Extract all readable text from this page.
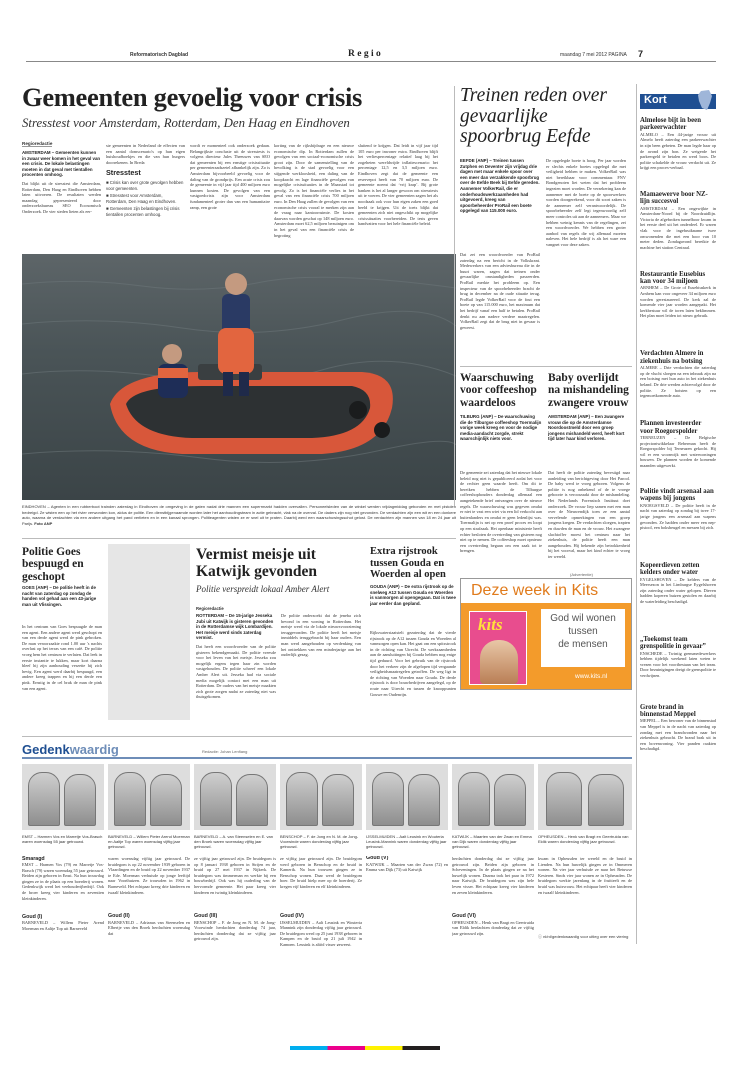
Reformatorisch Dagblad	R e g i o	maandag 7 mei 2012 PAGINA 7
Gemeenten gevoelig voor crisis
Stresstest voor Amsterdam, Rotterdam, Den Haag en Eindhoven
Regioredactie
AMSTERDAM – Gemeenten kunnen in zwaar weer komen in het geval van een crisis. De lokale belastingen moeten in dat geval met tientallen procenten omhoog.
Dat blijkt uit de stresstest die Amsterdam, Rotterdam, Den Haag en Eindhoven hebben laten uitvoeren. De resultaten werden maandag gepresenteerd door onderzoeksbureau SEO Economisch Onderzoek. De vier steden lieten als eer-
ste gemeenten in Nederland de effecten van een aantal domscenario's op hun eigen huishoudboekjes en die van hun burgers doorrekenen. In Breda
Stresstest
■ Crisis kan over grote gevolgen hebben voor gemeenten.
■ Stresstest voor Amsterdam, Rotterdam, Den Haag en Eindhoven.
■ Gemeenten zijn belastingen bij crisis tientallen procenten omhoog.
wordt er momenteel ook onderzoek gedaan. Belangrijkste conclusie uit de stresstests is volgens directeur Jules Theeuwes van SEO dat gemeenten bij een ernstige crisissituatie per gemeenteraadszetel afhankelijk zijn. Zo is Amsterdam bijvoorbeeld gevoelig voor de daling van de grondprijs. Een acute crisis zou de gemeente in vijf jaar tijd 400 miljoen euro kunnen kosten. De gevolgen van een vastgoedcrisis zijn voor Amsterdam fundamenteel groter dan van een humanitaire ramp, een grote
korting van de rijksbijdrage en een nieuwe economische dip. In Rotterdam zullen de gevolgen van een sociaal-economische crisis groot zijn. Door de samenstelling van de bevolking is de stad gevoelig voor een stijgende werkloosheid, een daling van de koopkracht en lage financiële gevolgen van mogelijke crisissituaties in de Maasstad tot gevolg. Zo is het financiële verlies in het geval van een financiële crisis 700 miljoen euro. In Den Haag zullen de gevolgen van een economische crisis vooral te merken zijn aan de vraag naar kantoorruimte. De kosten daarvan worden geschat op 148 miljoen euro. Amsterdam moet 62,5 miljoen bezuinigen om in het geval van een financiële crisis de begroting
sluitend te krijgen. Dat leidt in vijf jaar tijd 105 euro per inwoner extra. Eindhoven blijft het verliespercentage relatief laag bij het zogeheten wereldwijde inflatiescenario: het percentage 12,5 en 3,5 miljoen euro. Eindhoven zegt dat de gemeente een reservepot heeft van 70 miljoen euro. De gemeente noemt dat ‘vrij krap’. Bij grote banken is het al langer gewoon om stresstests uit te voeren. De vier gemeenten zagen het als noodzaak ook voor hun eigen zaken een goed beeld te krijgen. Uit de toets blijkt dat gemeenten zich niet ongeschikt op mogelijke crisissituaties voorbereiden. De tests geven handvatten voor het hele financiële beleid.
Treinen reden over gevaarlijke spoorbrug Eefde
EEFDE (ANP) – Treinen tussen Zutphen en Deventer zijn vrijdag drie dagen met maar enkele spoor over een meer dan verzakkende spoorbrug over de Eefde Beek bij Eefde gereden. Aannemer VolkerRail, die er onderhoudswerkzaamheden had uitgevoerd, kreeg van spoorbeheerder ProRail een boete opgelegd van 115.000 euro.
Dat zei een woordvoerder van ProRail zaterdag na een bericht in de Volkskrant. Medewerkers van een adviesbureau die in de buurt waren, zagen dat treinen onder gevaarlijke omstandigheden passeerden. ProRail merkte het probleem op. Een inspecteur van de spoorbeheerder bracht de brug in december na de oude situatie terug. ProRail legde VolkerRail voor de fout een boete op van 115.000 euro, het maximum dat het bedrijf vanaf een half te betalen. ProRail denkt nu aan nadere verdere maatregelen. VolkerRail zegt dat de brug niet in gevaar is geweest.
De opgelegde boete is hoog. Per jaar worden er slechts enkele boetes opgelegd die met veiligheid hebben te maken. VolkerRail was niet bereikbaar voor commentaar. FNV Bondgenoten liet weten dat het probleem ingezien moet worden. De verzekering kan de aannemer met de boete op de spoorwerkers worden doorgerekend, voor dit soort zaken is de aannemer zelf verantwoordelijk. De spoorbeheerder zelf legt tegenwoordig zelf meer controles uit aan de aannemers. Maar we hebben weinig kennis van de regelingen, zei een woordvoerder. We hebben een groter aanbod van regels die wij allemaal moeten naleven. Het hele bedrijf is als het ware een vangnet voor deze zaken.
EINDHOVEN – Agenten in een rubberboot trainden zaterdag in Eindhoven de omgeving in de gaten nadat drie mannen een superrmarkt hadden overvallen. Personeelsleden van de winkel werden vrijdagmiddag gebonden en met pistolen bedreigd. Ze wisten een op het rivier verwonden kon, aldus de politie. Een dienstbijgenaamde worden later het aanhoudingsteam in actie gebracht, vlak na de overval. De daders zijn nog niet gevonden. De verdachten zijn een wit en een donkere auto, waarna de verdachten via een andere uitgang het pand verlieten en in een kanaal sprongen. Politieagenten wisten ze er snel uit te praten. Daarbij werd een waarschuwingsschot gelost. De verdachten zijn mannen van 18 en 24 jaar uit Parijs. Foto ANP
Waarschuwing voor coffeeshop waardeloos
TILBURG (ANP) – De waarschuwing die de Tilburgse coffeeshop Toermalijn vorige week kreeg en voor de nodige media-aandacht zorgde, strekt waarschijnlijk niets voor.
De gemeente zei zaterdag dat het nieuwe lokale beleid nog niet is gepubliceerd zodat het voor de rechter geen waarde heeft. Om dit te bereiken hebben de Tilburgse coffeeshophouders donderdag allemaal een aangetekende brief ontvangen over de nieuwe regels. De waarschuwing was gegeven omdat er niet te vast een wiet via een lid verkocht aan buitenlanders en omdat er geen ledenlijst was. Toermalijn is net op een proef proces en loopt op een strafzaak. Het openbaar ministerie heeft echter besloten de overtreding van gisteren nog niet op te nemen. De coffeeshop moet opnieuw een overtreding begaan om een zaak tot te brengen.
Baby overlijdt na mishandeling zwangere vrouw
AMSTERDAM (ANP) – Een zwangere vrouw die op de Amsterdamse Noordoostmeld door een groep jongens mishandeld werd, heeft kort tijd later haar kind verloren.
Dat heeft de politie zaterdag bevestigd naar aanleiding van berichtgeving door Het Parool. De baby werd te vroeg geboren. Volgens de politie is nog onbekend of de te vroege geboorte is veroorzaakt door de mishandeling. Het Nederlands Forensisch Instituut doet onderzoek. De vrouw liep samen met een man over de Nieuwendijk toen ze een aantal vervelende opmerkingen van een groep jongens kregen. De verdachten sloegen, trapten en duwden de man en de vrouw. Het zwangere slachtoffer moest het centrum naar het ziekenhuis, de politie heeft een man aangehouden. Hij bekende zijn betrokkenheid bij het voorval, maar het kind echter te vroeg ter wereld.
(Advertentie)
Deze week in Kits
kits	God wil wonen
tussen
de mensen
www.kits.nl
Politie Goes bespuugd en geschopt
GOES (ANP) – De politie heeft in de nacht van zaterdag op zondag de handen vol gehad aan een 43-jarige man uit Vlissingen.
In het centrum van Goes bespuugde de man een agent. Een andere agent werd geschopt en van een derde agent werd de pink gebroken. De man veroorzaakte rond 1.00 uur 's nachts overlast op het terras van een café. De politie vroeg hem het centrum te verlaten. Dat leek in eerste instantie te lukken, maar kort daarna bleef hij zijn aanhouding verzette hij zich hevig. Een agent werd daarbij bespuugd, een andere kreeg trappen en hij een derde een pink. Ernstig in de cel brak de man de pink van een agent.
Vermist meisje uit Katwijk gevonden
Politie verspreidt lokaal Amber Alert
Regioredactie
ROTTERDAM – De 15-jarige Jesseka Jubi uit Katwijk is gisteren gevonden in de Rotterdamse wijk Lombardijen. Het meisje werd sinds zaterdag vermist.
Dat heeft een woordvoerder van de politie gisteren bekendgemaakt. De politie vreesde voor het leven van het meisje. Jesseka zou mogelijk ergens tegen haar zin worden vastgehouden. De politie schreef een lokale Amber Alert uit. Jesseka had via sociale media mogelijk contact met een man uit Rotterdam. De ouders van het meisje maakten zich grote zorgen nadat ze zaterdag niet was thuisgekomen.
De politie onderzoekt dat de jeneba zich bevond in een woning in Rotterdam. Het meisje werd via de lokale nieuwsvoorziening teruggevonden. De politie heeft het meisje inmiddels teruggebracht bij haar ouders. Een man werd aangehouden op verdenking van het onttrekken van een minderjarige aan het ouderlijk gezag.
Extra rijstrook tussen Gouda en Woerden al open
GOUDA (ANP) – De extra rijstrook op de snelweg A12 tussen Gouda en Woerden is vanmorgen al opengegaan. Dat is twee jaar eerder dan gepland.
Rijkswaterstaatstelt gezaterdag dat de vierde rijstrook op de A12 tussen Gouda en Woerden al vanmorgen open kan. Het gaat om een spitsstrook in de richting van Utrecht. De werkzaamheden aan de aansluitingen bij Gouda hebben nog enige tijd geduurd. Voor het gebruik van de rijstrook door het verkeer zijn de afgelopen tijd vergaande veiligheidsmaatregelen getroffen. De weg ligt in de richting van Woerden naar Gouda. De derde rijstrook is door bouwbedrijven aangelegd, op de route naar Utrecht en tussen de knooppunten Gouwe en Oudenrijn.
Kort
Almelose bijt in been parkeerwachter
ALMELO – Een 44-jarige vrouw uit Almelo heeft zaterdag een parkeerwachter in zijn been gebeten. De man legde haar op de avond zijn bon. Ze weigerde het parkeergeld te betalen en werd boos. De politie schakelde de vrouw verdacht uit. Ze krijgt een proces-verbaal.
Mamaewerve boor NZ-lijn succesvol
AMSTERDAM – Een ongewijkte in Amsterdam-Noord bij de Noordzuidlijn. Victoria de afgebroken tunnelboor kwam in het eerste deel uit het onderdeel. Er waren vlak voor de ingebruikname twee omwonenden die met een boor van 10 meter deden. Zondagavond bereikte de machine het station Centraal.
Restaurantie Eusebius kan voor 34 miljoen
ARNHEM – De Grote of Eusebiuskerk in Arnhem kan voor ongeveer 34 miljoen euro worden gerestaureerd. De kerk zal de komende vier jaar worden aangepakt. Het kerkbestuur wil de toren laten beklimmen. Het plan moet leiden tot nieuw gebruik.
Verdachten Almere in ziekenhuis na botsing
ALMERE – Drie verdachten die zaterdag op de vlucht sloegen na een inbraak zijn na een botsing met hun auto in het ziekenhuis beland. De drie werden achtervolgd door de politie. Ze botsten op een tegemoetkomende auto.
Plannen investeerder voor Roegorspolder
TERNEUZEN – De Belgische projectontwikkelaar Reberman heeft de Roegorspolder bij Terneuzen gekocht. Hij wil er een woonwijk met waterwoningen bouwen. De plannen worden de komende maanden uitgewerkt.
Politie vindt arsenaal aan wapens bij jongens
KNOEGSVELD – De politie heeft in de nacht van zaterdag op zondag bij twee 17-jarige jongens een arsenaal aan wapens gevonden. Ze hadden onder meer een nep-pistool, een boksbeugel en messen bij zich.
Kopeerdieven zetten kelders onder water
EYGELSHOVEN – De kelders van de Meersezon in het Limburgse Eygelshoven zijn zaterdag onder water gelopen. Dieven hadden koperen buizen gestolen en daarbij de waterleiding beschadigd.
„Toekomst team grenspolitie in gevaar”
ENSCHEDE – Twintig grensmedewerkers hebben tijdelijk weekend laten weten te vrezen voor het voortbestaan van het team. Door bezuinigingen dreigt de grenspolitie te verdwijnen.
Grote brand in binnenstad Meppel
MEPPEL – Een bewoner van de binnenstad van Meppel is in de nacht van zaterdag op zondag met een brandwonden naar het ziekenhuis gebracht. De brand brak uit in een bovenwoning. Vier panden raakten beschadigd.
Gedenkwaardig	Redactie: Johan Lenfiang
EMST – Harmen Vos en Marretje Vos-Brasch waren woensdag 55 jaar getrouwd.
BARNEVELD – Willem Pieter Arend Moerman en Aaltje Top waren woensdag vijftig jaar getrouwd.
BARNEVELD – A. van Steenselen en E. van den Broek waren woensdag vijftig jaar getrouwd.
BENSCHOP – F. de Jong en N. M. de Jong-Voorwinde waren donderdag vijftig jaar getrouwd.
IJSSELMUIDEN – Aalt Leusink en Wouteria Leusink-Mannink waren donderdag vijftig jaar getrouwd.
KATWIJK – Maarten van der Zwan en Emma van Dijk waren donderdag vijftig jaar getrouwd.
OPHEUSDEN – Henk van Bragt en Geertruida van Eldik waren donderdag vijftig jaar getrouwd.
Smaragd
EMST – Harmen Vos (79) en Marretje Vos-Brasch (79) waren woensdag 55 jaar getrouwd. Beiden zijn geboren in Emst. Na hun trouwdag gingen ze in de plaats op een boerderij wonen. Gedenkwijk werd het veehouderijbedrijf. Ook de broer kreeg vier kinderen en zeventien kleinkinderen.
Goud (I)
BARNEVELD – Willem Pieter Arend Moerman en Aaltje Top uit Barneveld
waren woensdag vijftig jaar getrouwd. De bruidegom is op 22 november 1939 geboren in Vlaardingen en de bruid op 22 november 1937 te Ede. Moerman verhuisde op jonge leeftijd naar Voorthuizen. Ze trouwden in 1962 in Barneveld. Het echtpaar kreeg drie kinderen en twaalf kleinkinderen.
Goud (II)
BARNEVELD – Adrianus van Steenselen en Elbertje van den Broek herdachten woensdag dat
ze vijftig jaar getrouwd zijn. De bruidegom is op 8 januari 1938 geboren in Strijen en de bruid op 27 mei 1937 in Nijkerk. De bruidegom was timmerman en werkte bij een bouwbedrijf. Ook was hij ouderling van de hervormde gemeente. Het paar kreeg vier kinderen en twintig kleinkinderen.
Goud (III)
BENSCHOP – F. de Jong en N. M. de Jong-Voorwinde herdachten donderdag 74 jaar, herdachten donderdag dat ze vijftig jaar getrouwd zijn.
ze vijftig jaar getrouwd zijn. De bruidegom werd geboren in Benschop en de bruid in Kamerik. Na hun trouwen gingen ze in Benschop wonen. Daar werd de bruidegom boer. De bruid hielp mee op de boerderij. Ze kregen vijf kinderen en elf kleinkinderen.
Goud (IV)
IJSSELMUIDEN – Aalt Leusink en Wouteria Mannink zijn donderdag vijftig jaar getrouwd. De bruidegom werd op 25 juni 1938 geboren in Kampen en de bruid op 21 juli 1942 in Kampen. Leusink is altijd visser geweest.
Goud (V)
KATWIJK – Maarten van der Zwan (72) en Emma van Dijk (73) uit Katwijk
herdachten donderdag dat ze vijftig jaar getrouwd zijn. Beiden zijn geboren in Scheveningen. In de plaats gingen ze na het huwelijk wonen. Daarna trok het paar in 1972 naar Katwijk. De bruidegom was zijn hele leven visser. Het echtpaar kreeg vier kinderen en zeven kleinkinderen.
Goud (VI)
OPHEUSDEN – Henk van Bragt en Geertruida van Eldik herdachten donderdag dat ze vijftig jaar getrouwd zijn.
kwam in Opheusden ter wereld en de bruid in Lienden. Na hun huwelijk gingen ze in Ommeren wonen. Na vier jaar verhuisde ze naar het Betuwse Kesteren. Sinds vier jaar wonen ze in Opheusden. De bruidegom werkte jarenlang in de fruitteelt en de bruid was huisvrouw. Het echtpaar heeft vier kinderen en twaalf kleinkinderen.
ⓘ nl/rd/gedenkwaardig voor uitleg over een viering
